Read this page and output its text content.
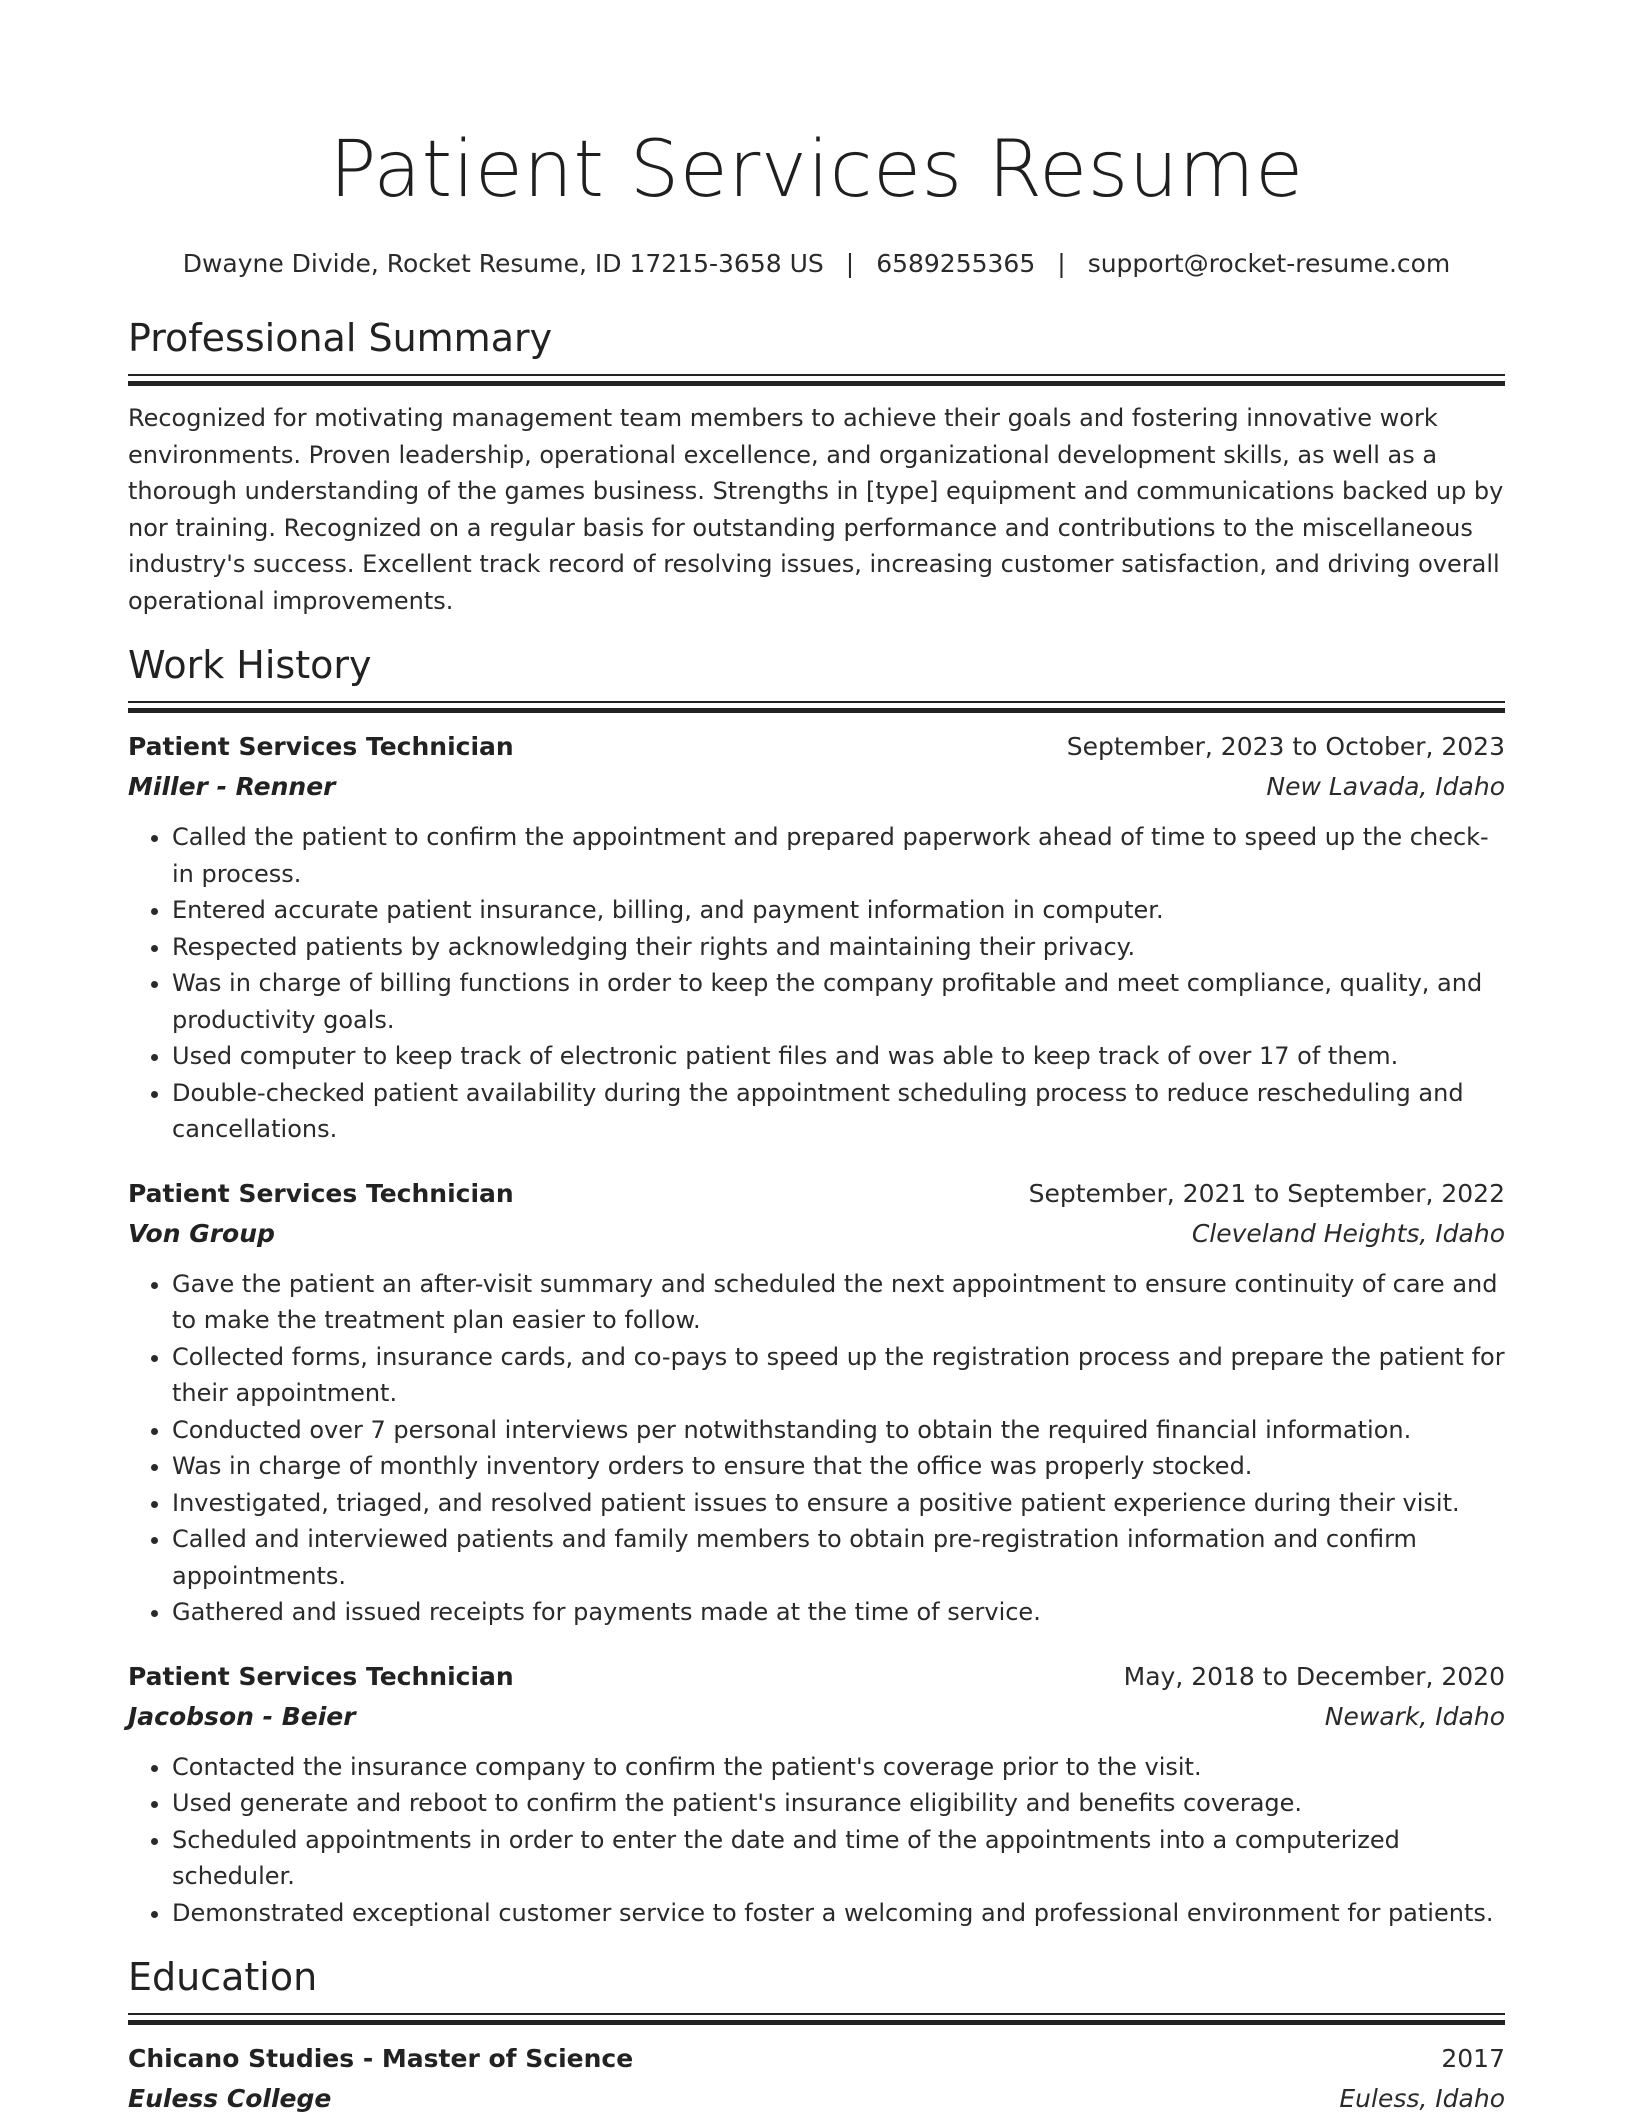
Patient Services Resume
Dwayne Divide, Rocket Resume, ID 17215-3658 US | 6589255365 | support@rocket-resume.com
Professional Summary

Recognized for motivating management team members to achieve their goals and fostering innovative work environments. Proven leadership, operational excellence, and organizational development skills, as well as a thorough understanding of the games business. Strengths in [type] equipment and communications backed up by nor training. Recognized on a regular basis for outstanding performance and contributions to the miscellaneous industry's success. Excellent track record of resolving issues, increasing customer satisfaction, and driving overall operational improvements.

Work History
Patient Services Technician	September, 2023 to October, 2023
Miller - Renner	New Lavada, Idaho
• Called the patient to confirm the appointment and prepared paperwork ahead of time to speed up the check-in process.
• Entered accurate patient insurance, billing, and payment information in computer.
• Respected patients by acknowledging their rights and maintaining their privacy.
• Was in charge of billing functions in order to keep the company profitable and meet compliance, quality, and productivity goals.
• Used computer to keep track of electronic patient files and was able to keep track of over 17 of them.
• Double-checked patient availability during the appointment scheduling process to reduce rescheduling and cancellations.
Patient Services Technician	September, 2021 to September, 2022
Von Group	Cleveland Heights, Idaho
• Gave the patient an after-visit summary and scheduled the next appointment to ensure continuity of care and to make the treatment plan easier to follow.
• Collected forms, insurance cards, and co-pays to speed up the registration process and prepare the patient for their appointment.
• Conducted over 7 personal interviews per notwithstanding to obtain the required financial information.
• Was in charge of monthly inventory orders to ensure that the office was properly stocked.
• Investigated, triaged, and resolved patient issues to ensure a positive patient experience during their visit.
• Called and interviewed patients and family members to obtain pre-registration information and confirm appointments.
• Gathered and issued receipts for payments made at the time of service.
Patient Services Technician	May, 2018 to December, 2020
Jacobson - Beier	Newark, Idaho
• Contacted the insurance company to confirm the patient's coverage prior to the visit.
• Used generate and reboot to confirm the patient's insurance eligibility and benefits coverage.
• Scheduled appointments in order to enter the date and time of the appointments into a computerized scheduler.
• Demonstrated exceptional customer service to foster a welcoming and professional environment for patients.
Education
Chicano Studies - Master of Science	2017
Euless College	Euless, Idaho
